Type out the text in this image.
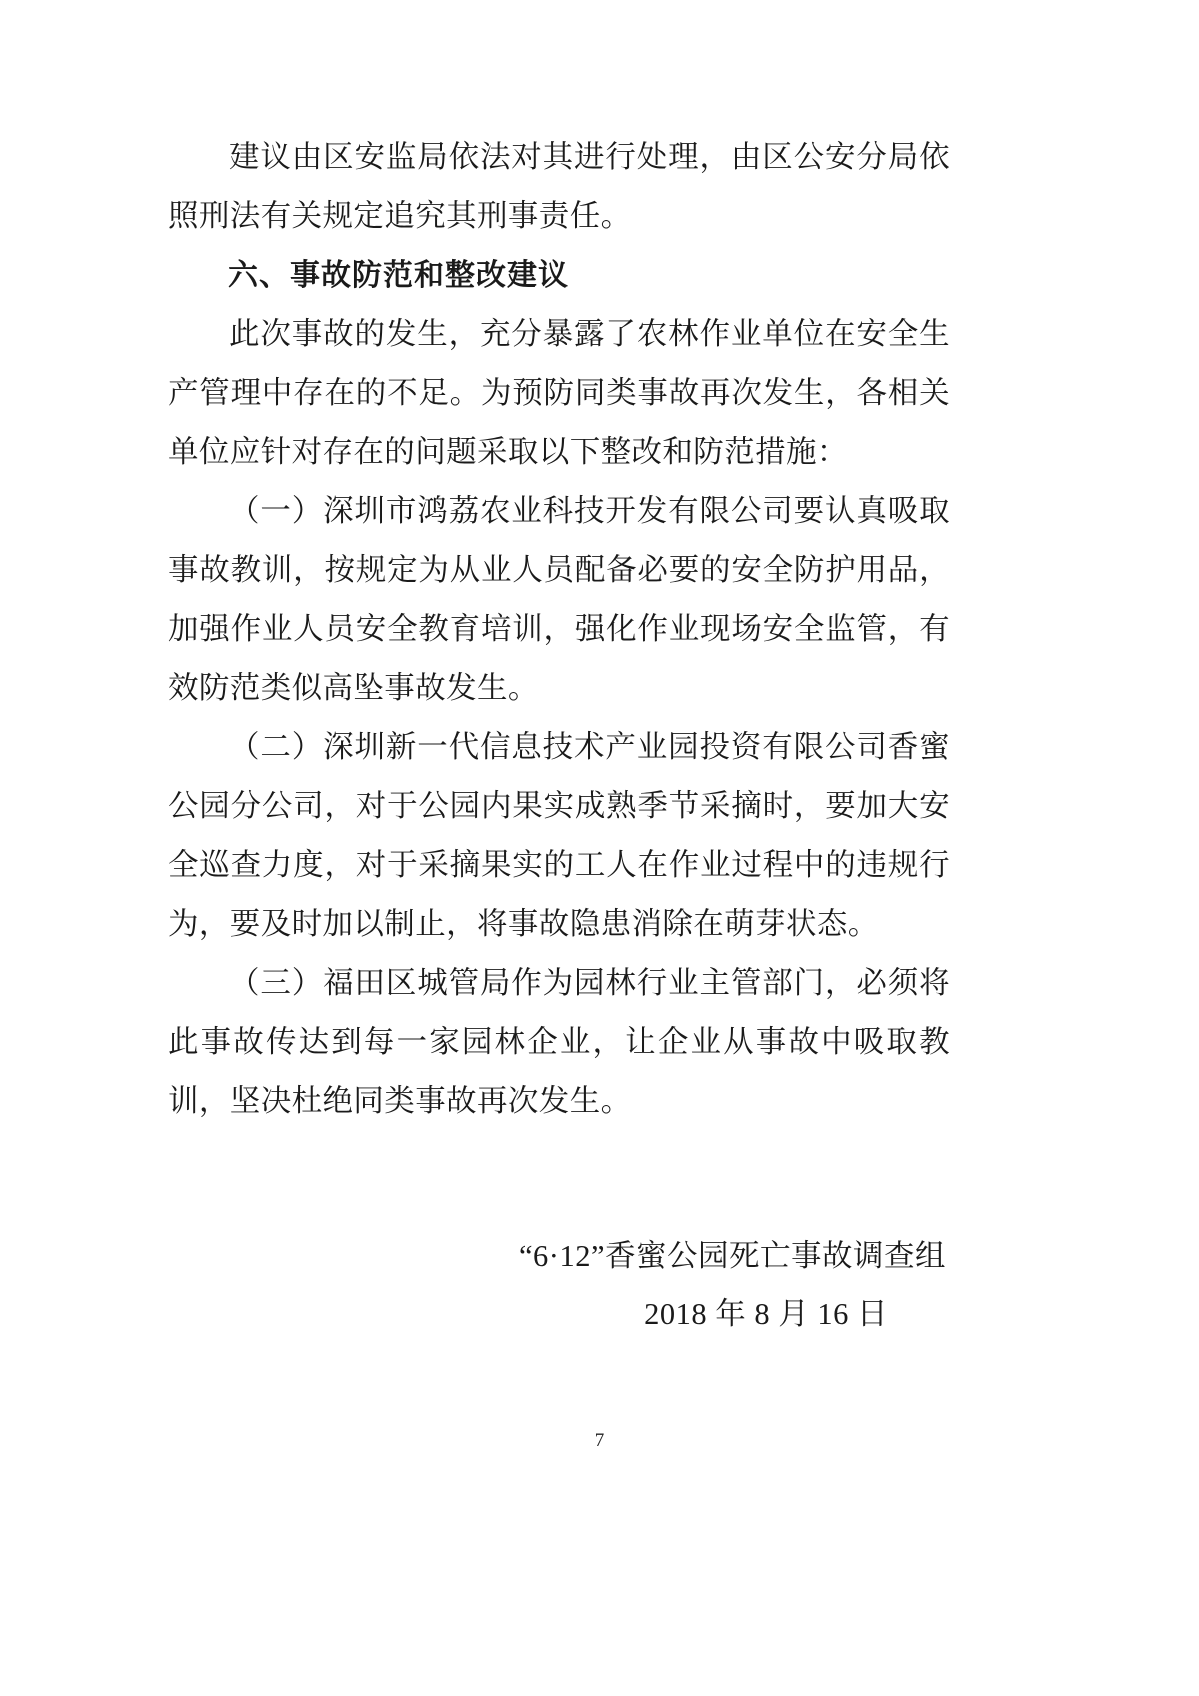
建议由区安监局依法对其进行处理，由区公安分局依照刑法有关规定追究其刑事责任。

六、事故防范和整改建议

此次事故的发生，充分暴露了农林作业单位在安全生产管理中存在的不足。为预防同类事故再次发生，各相关单位应针对存在的问题采取以下整改和防范措施：

（一）深圳市鸿荔农业科技开发有限公司要认真吸取事故教训，按规定为从业人员配备必要的安全防护用品，加强作业人员安全教育培训，强化作业现场安全监管，有效防范类似高坠事故发生。

（二）深圳新一代信息技术产业园投资有限公司香蜜公园分公司，对于公园内果实成熟季节采摘时，要加大安全巡查力度，对于采摘果实的工人在作业过程中的违规行为，要及时加以制止，将事故隐患消除在萌芽状态。

（三）福田区城管局作为园林行业主管部门，必须将此事故传达到每一家园林企业，让企业从事故中吸取教训，坚决杜绝同类事故再次发生。

“6·12”香蜜公园死亡事故调查组
2018 年 8 月 16 日
7
